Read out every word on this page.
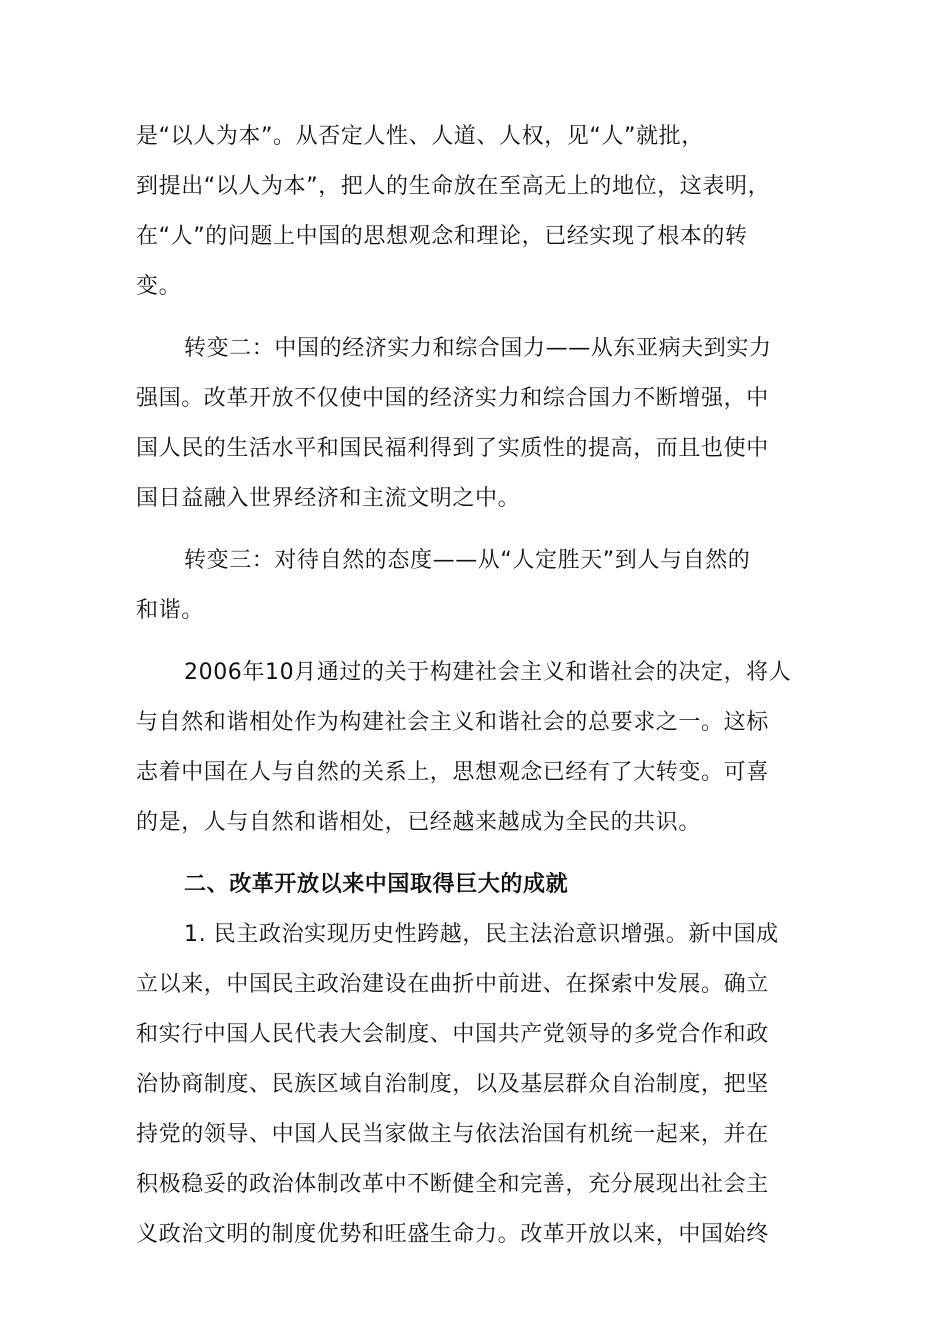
是“以人为本”。从否定人性、人道、人权，见“人”就批，
到提出“以人为本”，把人的生命放在至高无上的地位，这表明，
在“人”的问题上中国的思想观念和理论，已经实现了根本的转
变。
转变二：中国的经济实力和综合国力——从东亚病夫到实力
强国。改革开放不仅使中国的经济实力和综合国力不断增强，中
国人民的生活水平和国民福利得到了实质性的提高，而且也使中
国日益融入世界经济和主流文明之中。
转变三：对待自然的态度——从“人定胜天”到人与自然的
和谐。
2006年10月通过的关于构建社会主义和谐社会的决定，将人
与自然和谐相处作为构建社会主义和谐社会的总要求之一。这标
志着中国在人与自然的关系上，思想观念已经有了大转变。可喜
的是，人与自然和谐相处，已经越来越成为全民的共识。
二、改革开放以来中国取得巨大的成就
1. 民主政治实现历史性跨越，民主法治意识增强。新中国成
立以来，中国民主政治建设在曲折中前进、在探索中发展。确立
和实行中国人民代表大会制度、中国共产党领导的多党合作和政
治协商制度、民族区域自治制度，以及基层群众自治制度，把坚
持党的领导、中国人民当家做主与依法治国有机统一起来，并在
积极稳妥的政治体制改革中不断健全和完善，充分展现出社会主
义政治文明的制度优势和旺盛生命力。改革开放以来，中国始终
